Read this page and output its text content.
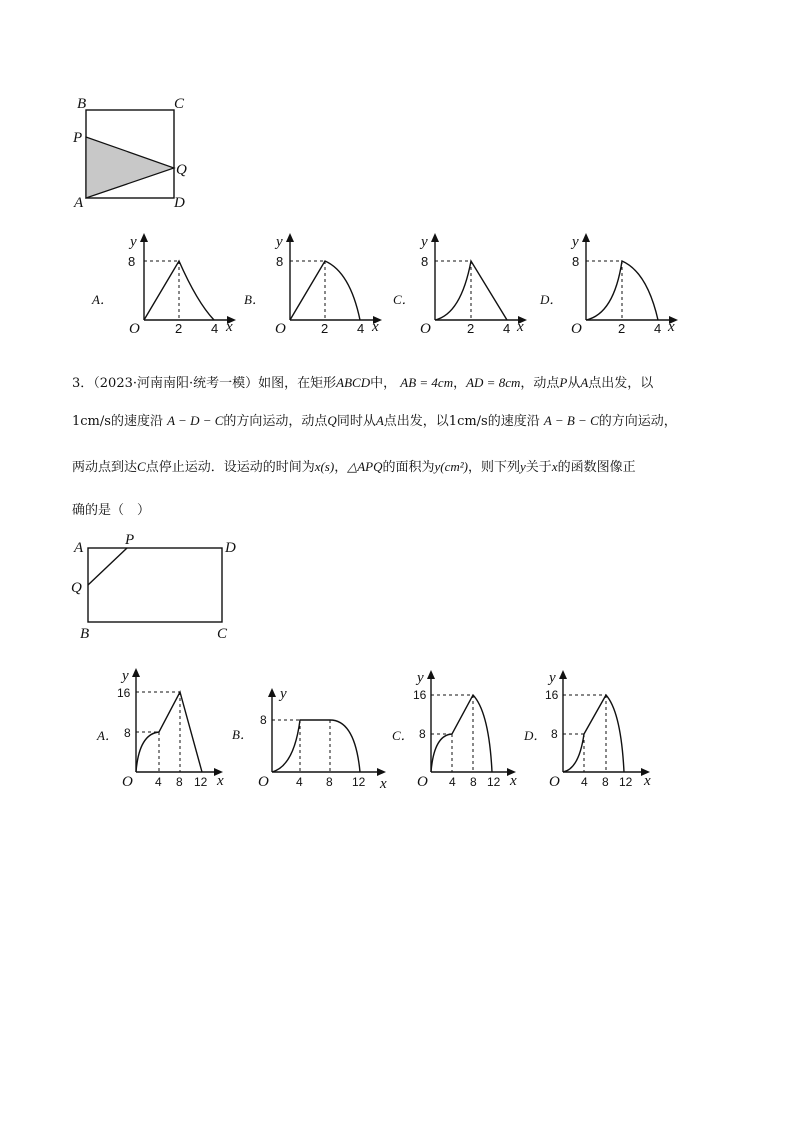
B	C
P
Q
A	D
A．
y
8
O	2 4 x
B．
y
8
O	2 4 x
C．
y
8
O	2 4 x
D．
y
8
O	2 4 x
3．（2023·河南南阳·统考一模）如图，在矩形ABCD中， AB = 4cm，AD = 8cm，动点P从A点出发，以
1cm/s的速度沿 A − D − C的方向运动，动点Q同时从A点出发，以1cm/s的速度沿 A − B − C的方向运动，
两动点到达C点停止运动．设运动的时间为x(s)，△APQ的面积为y(cm²)，则下列y关于x的函数图像正
确的是（　）
A	P	D
Q
B	C
A．
y
16
8
O 4 8 12 x
B．
y
8
O 4 8 12 x
C．
y
16
8
O 4 8 12 x
D．
y
16
8
O 4 8 12 x
